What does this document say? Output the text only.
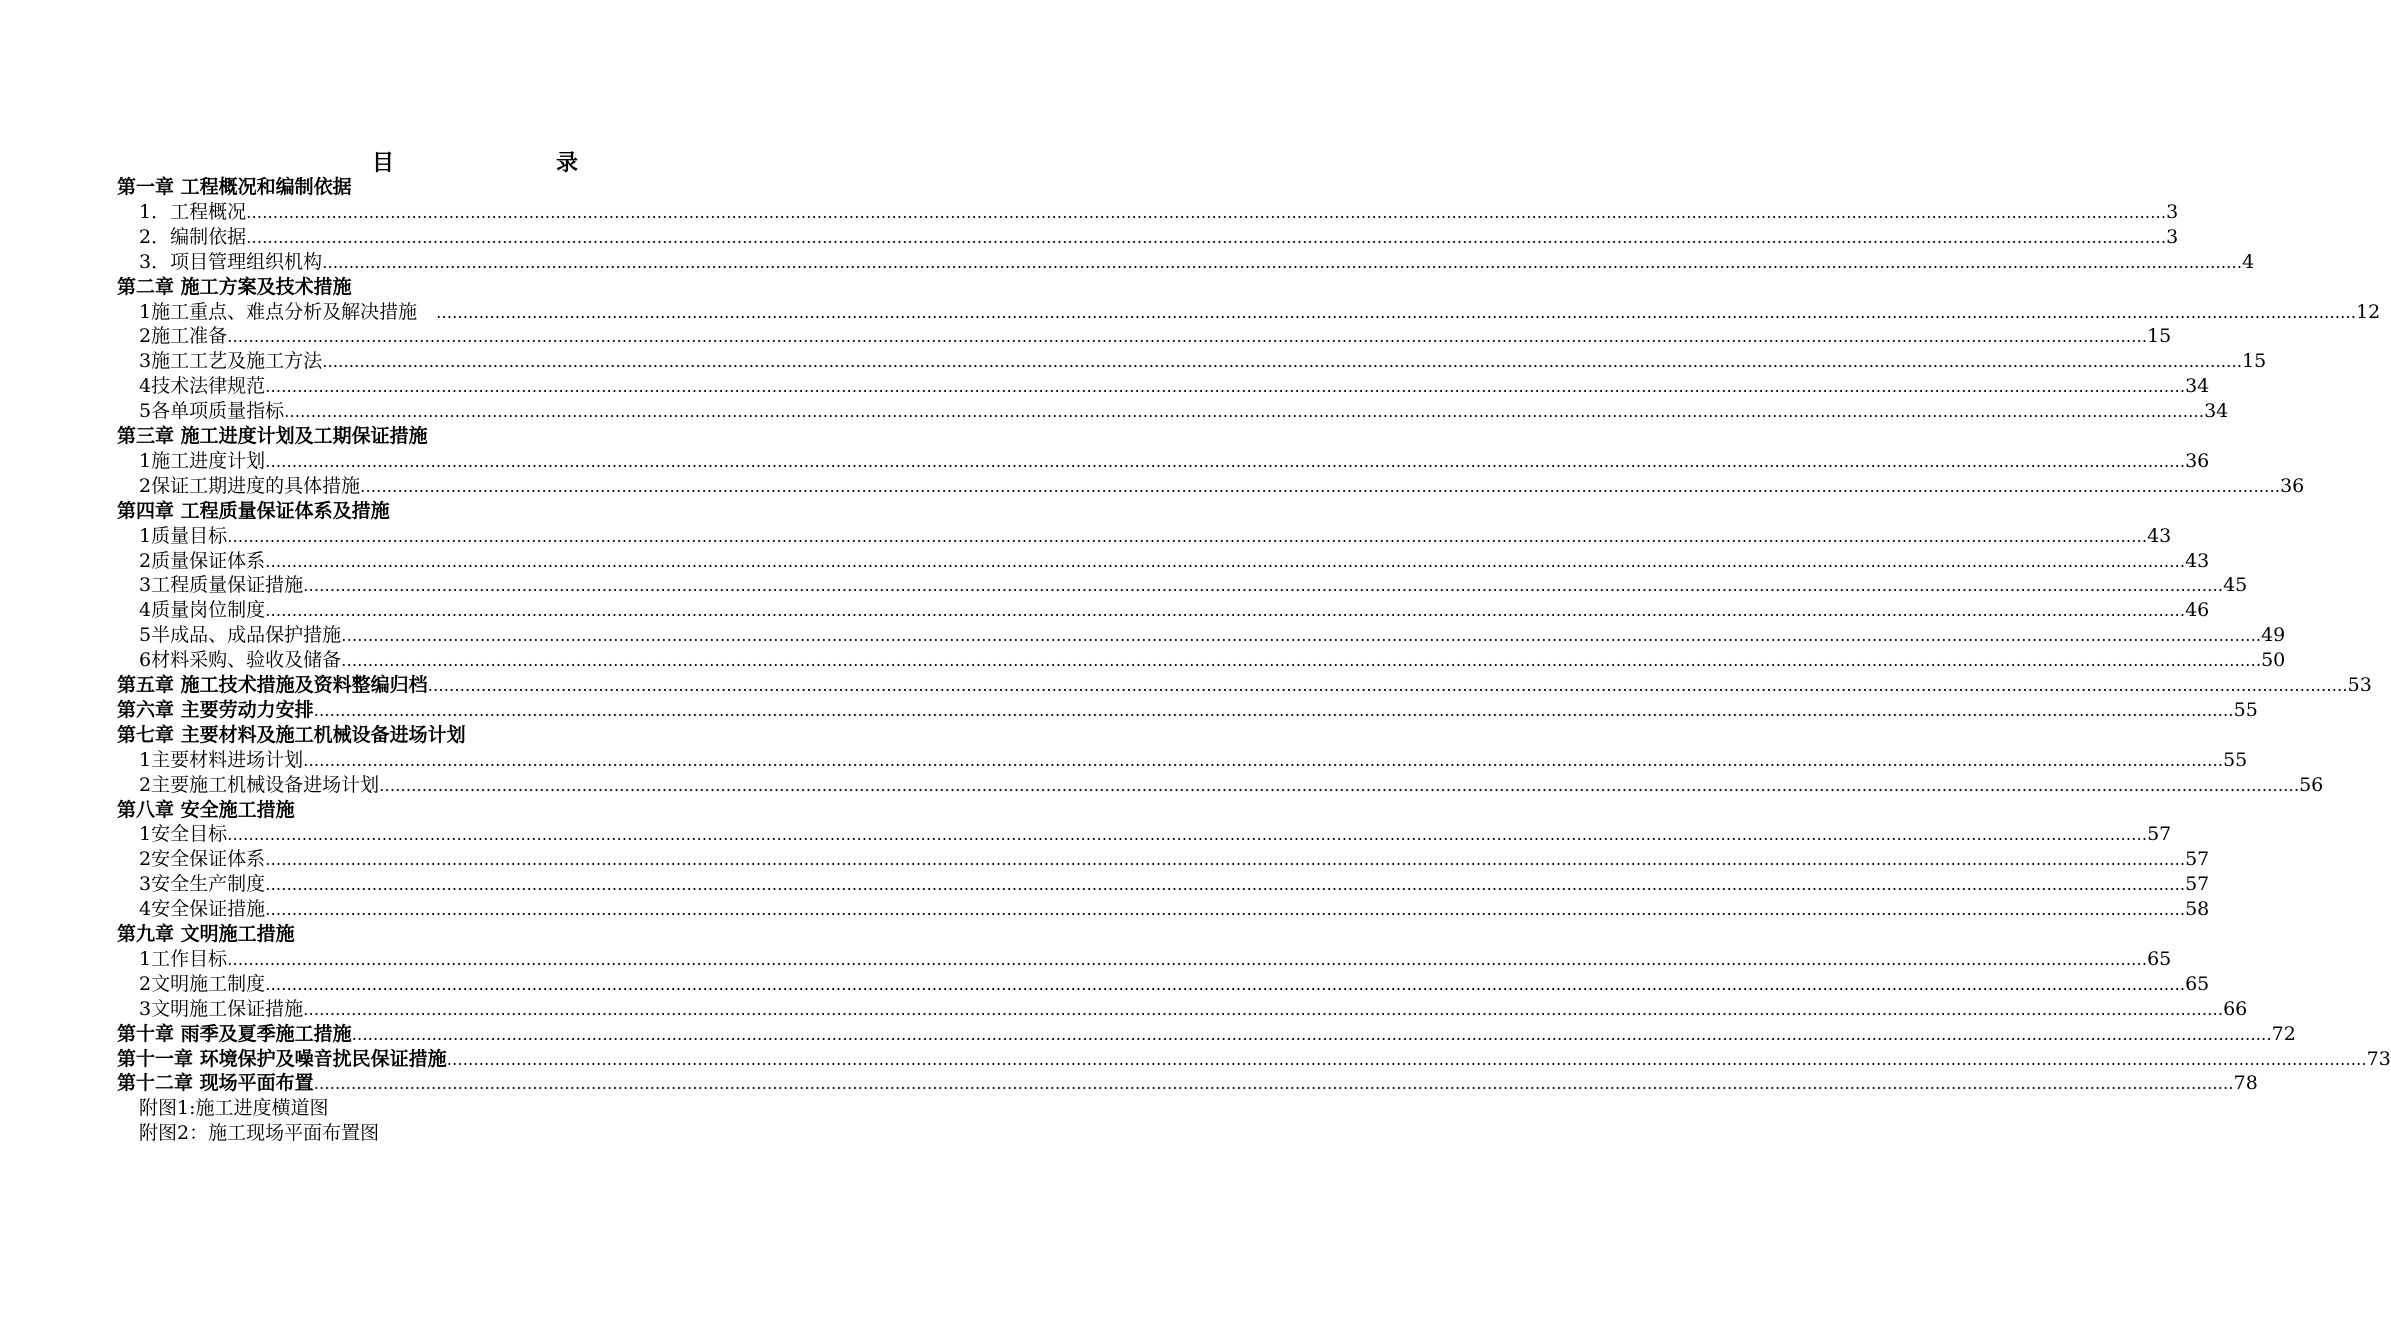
目　录
第一章 工程概况和编制依据
1．工程概况 ……………………………………………………………………………………………………………………………………………………………………………………………………………………………………………………………………………………………………………………………… 3
2．编制依据 ……………………………………………………………………………………………………………………………………………………………………………………………………………………………………………………………………………………………………………………………… 3
3．项目管理组织机构 ……………………………………………………………………………………………………………………………………………………………………………………………………………………………………………………………………………………………………………………………… 4
第二章 施工方案及技术措施
1施工重点、难点分析及解决措施　 ……………………………………………………………………………………………………………………………………………………………………………………………………………………………………………………………………………………………………………………………… 12
2施工准备 ……………………………………………………………………………………………………………………………………………………………………………………………………………………………………………………………………………………………………………………………… 15
3施工工艺及施工方法 ……………………………………………………………………………………………………………………………………………………………………………………………………………………………………………………………………………………………………………………………… 15
4技术法律规范 ……………………………………………………………………………………………………………………………………………………………………………………………………………………………………………………………………………………………………………………………… 34
5各单项质量指标 ……………………………………………………………………………………………………………………………………………………………………………………………………………………………………………………………………………………………………………………………… 34
第三章 施工进度计划及工期保证措施
1施工进度计划 ……………………………………………………………………………………………………………………………………………………………………………………………………………………………………………………………………………………………………………………………… 36
2保证工期进度的具体措施 ……………………………………………………………………………………………………………………………………………………………………………………………………………………………………………………………………………………………………………………………… 36
第四章 工程质量保证体系及措施
1质量目标 ……………………………………………………………………………………………………………………………………………………………………………………………………………………………………………………………………………………………………………………………… 43
2质量保证体系 ……………………………………………………………………………………………………………………………………………………………………………………………………………………………………………………………………………………………………………………………… 43
3工程质量保证措施 ……………………………………………………………………………………………………………………………………………………………………………………………………………………………………………………………………………………………………………………………… 45
4质量岗位制度 ……………………………………………………………………………………………………………………………………………………………………………………………………………………………………………………………………………………………………………………………… 46
5半成品、成品保护措施 ……………………………………………………………………………………………………………………………………………………………………………………………………………………………………………………………………………………………………………………………… 49
6材料采购、验收及储备 ……………………………………………………………………………………………………………………………………………………………………………………………………………………………………………………………………………………………………………………………… 50
第五章 施工技术措施及资料整编归档 ……………………………………………………………………………………………………………………………………………………………………………………………………………………………………………………………………………………………………………………………… 53
第六章 主要劳动力安排 ……………………………………………………………………………………………………………………………………………………………………………………………………………………………………………………………………………………………………………………………… 55
第七章 主要材料及施工机械设备进场计划
1主要材料进场计划 ……………………………………………………………………………………………………………………………………………………………………………………………………………………………………………………………………………………………………………………………… 55
2主要施工机械设备进场计划 ……………………………………………………………………………………………………………………………………………………………………………………………………………………………………………………………………………………………………………………………… 56
第八章 安全施工措施
1安全目标 ……………………………………………………………………………………………………………………………………………………………………………………………………………………………………………………………………………………………………………………………… 57
2安全保证体系 ……………………………………………………………………………………………………………………………………………………………………………………………………………………………………………………………………………………………………………………………… 57
3安全生产制度 ……………………………………………………………………………………………………………………………………………………………………………………………………………………………………………………………………………………………………………………………… 57
4安全保证措施 ……………………………………………………………………………………………………………………………………………………………………………………………………………………………………………………………………………………………………………………………… 58
第九章 文明施工措施
1工作目标 ……………………………………………………………………………………………………………………………………………………………………………………………………………………………………………………………………………………………………………………………… 65
2文明施工制度 ……………………………………………………………………………………………………………………………………………………………………………………………………………………………………………………………………………………………………………………………… 65
3文明施工保证措施 ……………………………………………………………………………………………………………………………………………………………………………………………………………………………………………………………………………………………………………………………… 66
第十章 雨季及夏季施工措施 ……………………………………………………………………………………………………………………………………………………………………………………………………………………………………………………………………………………………………………………………… 72
第十一章 环境保护及噪音扰民保证措施 ……………………………………………………………………………………………………………………………………………………………………………………………………………………………………………………………………………………………………………………………… 73
第十二章 现场平面布置 ……………………………………………………………………………………………………………………………………………………………………………………………………………………………………………………………………………………………………………………………… 78
附图1:施工进度横道图
附图2：施工现场平面布置图
